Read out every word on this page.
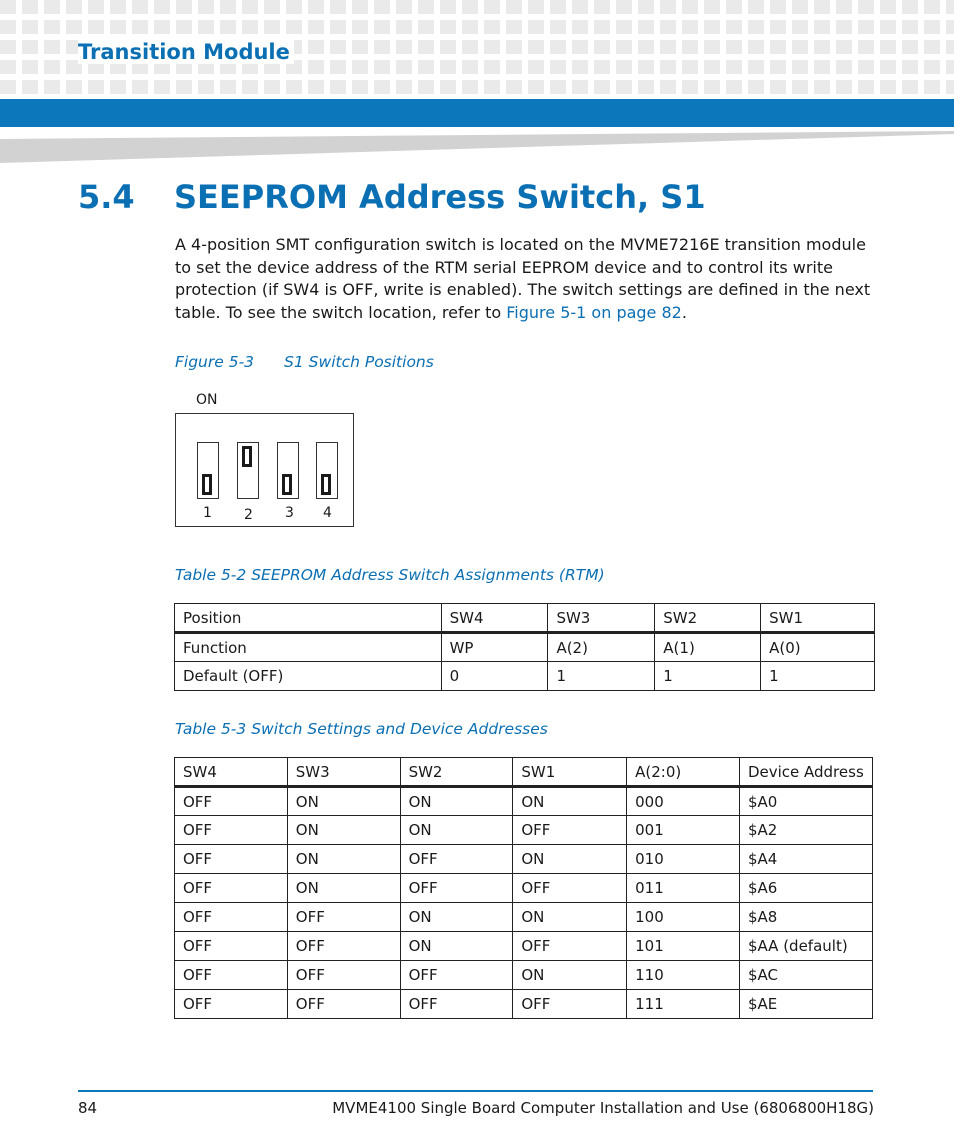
Transition Module
5.4	SEEPROM Address Switch, S1
A 4-position SMT configuration switch is located on the MVME7216E transition module to set the device address of the RTM serial EEPROM device and to control its write protection (if SW4 is OFF, write is enabled). The switch settings are defined in the next table. To see the switch location, refer to Figure 5-1 on page 82.
Figure 5-3 S1 Switch Positions
ON
1 2 3 4
Table 5-2 SEEPROM Address Switch Assignments (RTM)
Position	SW4	SW3	SW2	SW1
Function	WP	A(2)	A(1)	A(0)
Default (OFF)	0	1	1	1
Table 5-3 Switch Settings and Device Addresses
SW4	SW3	SW2	SW1	A(2:0)	Device Address
OFF	ON	ON	ON	000	$A0
OFF	ON	ON	OFF	001	$A2
OFF	ON	OFF	ON	010	$A4
OFF	ON	OFF	OFF	011	$A6
OFF	OFF	ON	ON	100	$A8
OFF	OFF	ON	OFF	101	$AA (default)
OFF	OFF	OFF	ON	110	$AC
OFF	OFF	OFF	OFF	111	$AE
84	MVME4100 Single Board Computer Installation and Use (6806800H18G)
